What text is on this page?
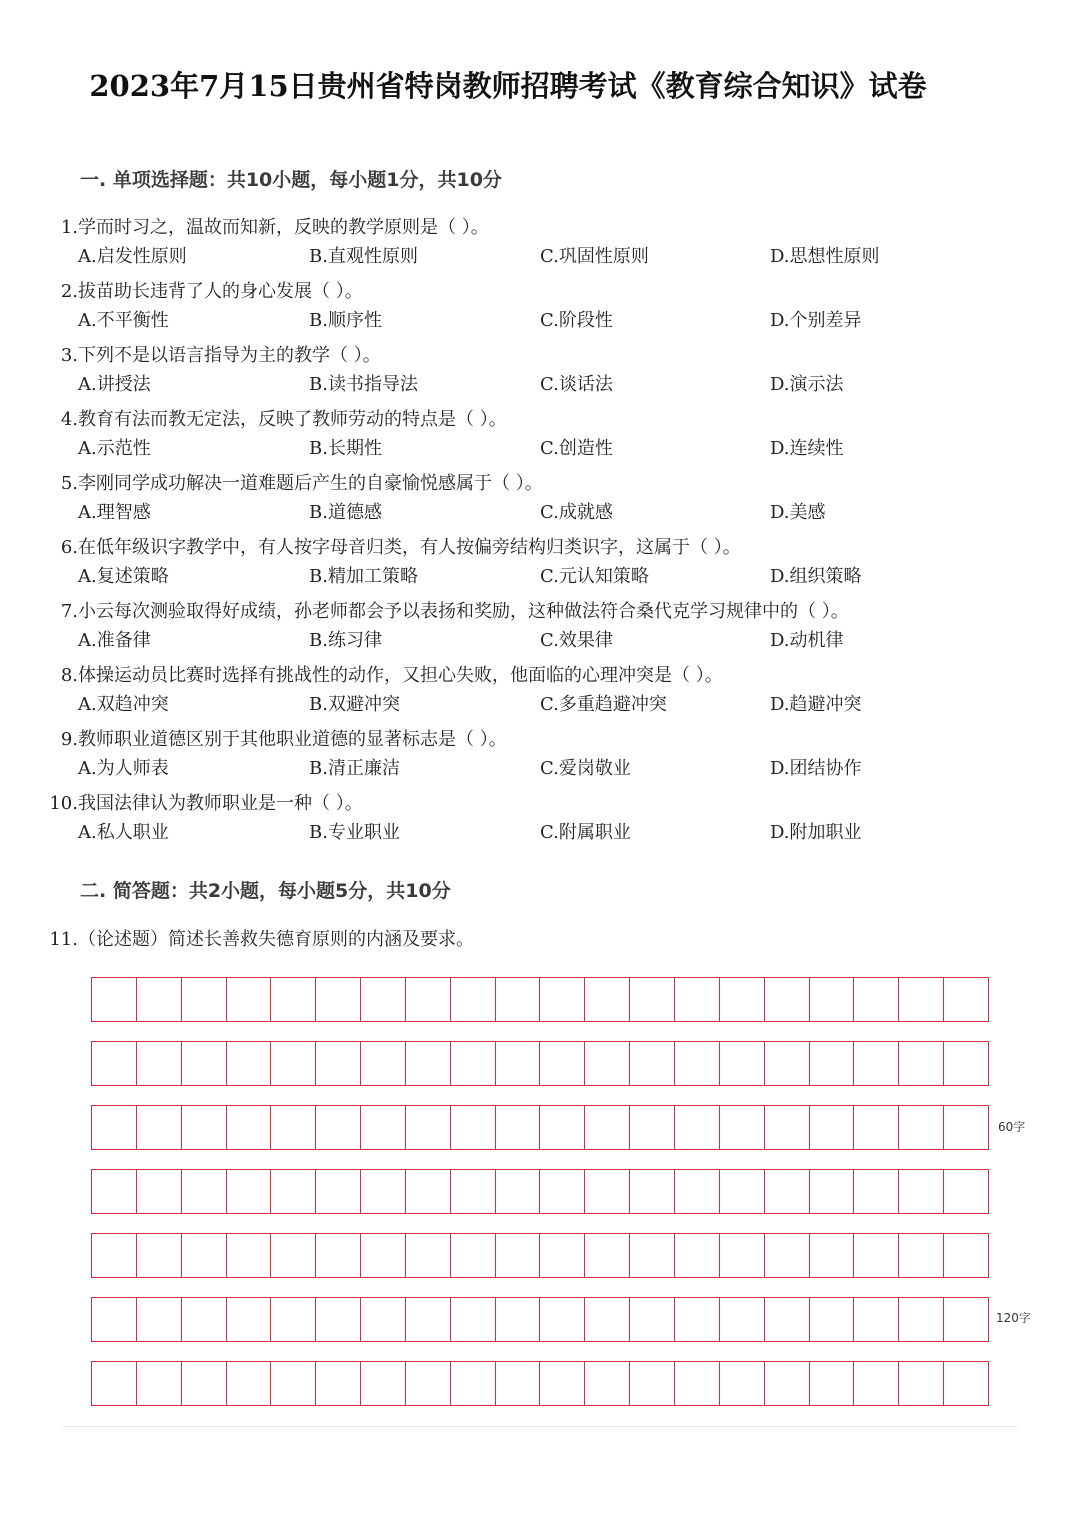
2023年7月15日贵州省特岗教师招聘考试《教育综合知识》试卷
一. 单项选择题：共10小题，每小题1分，共10分
1. 学而时习之，温故而知新，反映的教学原则是（ ）。
A.启发性原则	B.直观性原则	C.巩固性原则	D.思想性原则
2. 拔苗助长违背了人的身心发展（ ）。
A.不平衡性	B.顺序性	C.阶段性	D.个别差异
3. 下列不是以语言指导为主的教学（ ）。
A.讲授法	B.读书指导法	C.谈话法	D.演示法
4. 教育有法而教无定法，反映了教师劳动的特点是（ ）。
A.示范性	B.长期性	C.创造性	D.连续性
5. 李刚同学成功解决一道难题后产生的自豪愉悦感属于（ ）。
A.理智感	B.道德感	C.成就感	D.美感
6. 在低年级识字教学中，有人按字母音归类，有人按偏旁结构归类识字，这属于（ ）。
A.复述策略	B.精加工策略	C.元认知策略	D.组织策略
7. 小云每次测验取得好成绩，孙老师都会予以表扬和奖励，这种做法符合桑代克学习规律中的（ ）。
A.准备律	B.练习律	C.效果律	D.动机律
8. 体操运动员比赛时选择有挑战性的动作，又担心失败，他面临的心理冲突是（ ）。
A.双趋冲突	B.双避冲突	C.多重趋避冲突	D.趋避冲突
9. 教师职业道德区别于其他职业道德的显著标志是（ ）。
A.为人师表	B.清正廉洁	C.爱岗敬业	D.团结协作
10. 我国法律认为教师职业是一种（ ）。
A.私人职业	B.专业职业	C.附属职业	D.附加职业
二. 简答题：共2小题，每小题5分，共10分
11. （论述题）简述长善救失德育原则的内涵及要求。
60字
120字
